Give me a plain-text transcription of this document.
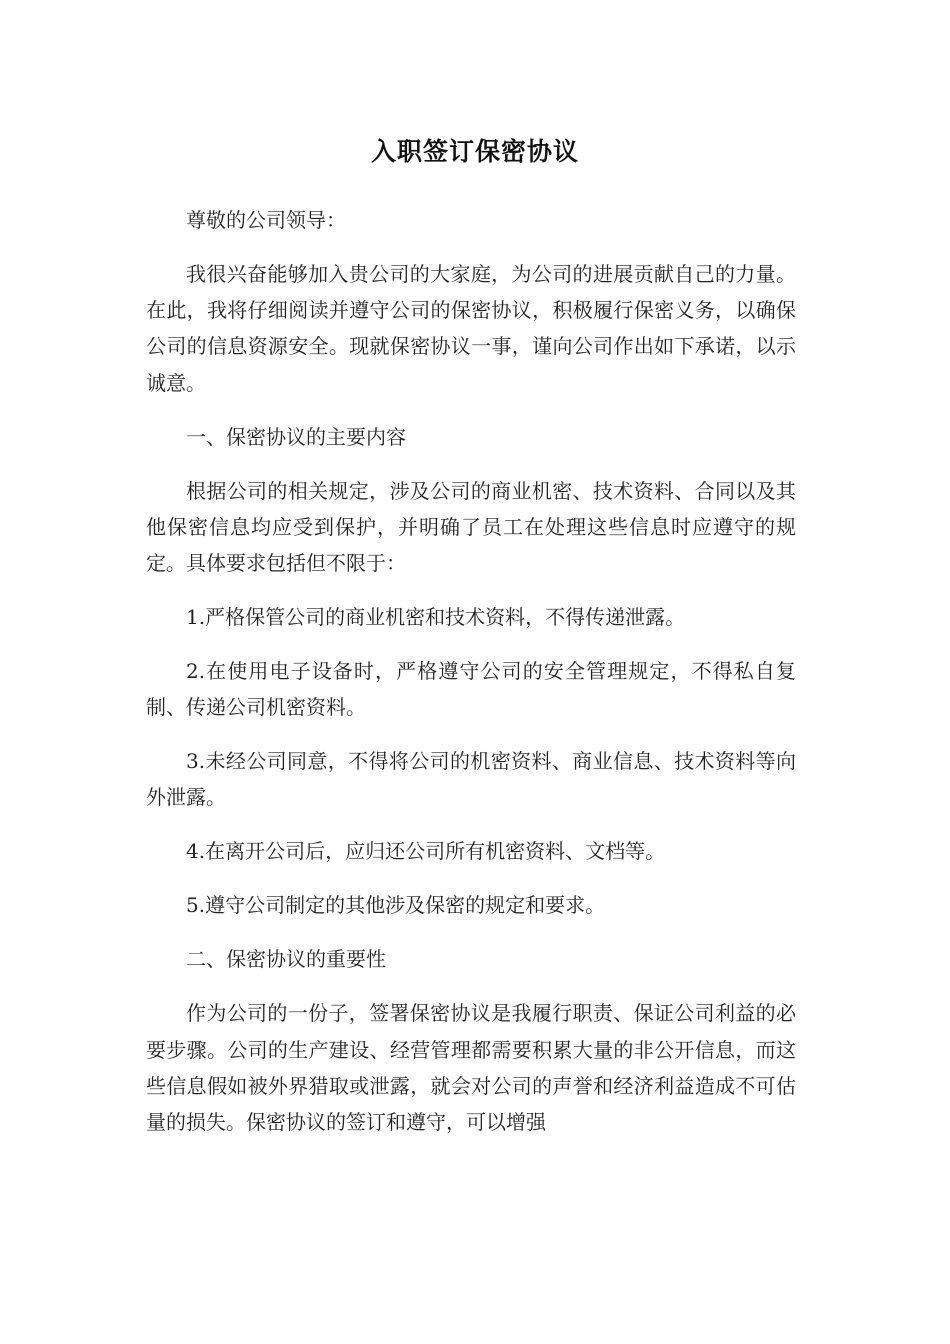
入职签订保密协议

尊敬的公司领导：

我很兴奋能够加入贵公司的大家庭，为公司的进展贡献自己的力量。在此，我将仔细阅读并遵守公司的保密协议，积极履行保密义务，以确保公司的信息资源安全。现就保密协议一事，谨向公司作出如下承诺，以示诚意。

一、保密协议的主要内容

根据公司的相关规定，涉及公司的商业机密、技术资料、合同以及其他保密信息均应受到保护，并明确了员工在处理这些信息时应遵守的规定。具体要求包括但不限于：

1.严格保管公司的商业机密和技术资料，不得传递泄露。

2.在使用电子设备时，严格遵守公司的安全管理规定，不得私自复制、传递公司机密资料。

3.未经公司同意，不得将公司的机密资料、商业信息、技术资料等向外泄露。

4.在离开公司后，应归还公司所有机密资料、文档等。

5.遵守公司制定的其他涉及保密的规定和要求。

二、保密协议的重要性

作为公司的一份子，签署保密协议是我履行职责、保证公司利益的必要步骤。公司的生产建设、经营管理都需要积累大量的非公开信息，而这些信息假如被外界猎取或泄露，就会对公司的声誉和经济利益造成不可估量的损失。保密协议的签订和遵守，可以增强
